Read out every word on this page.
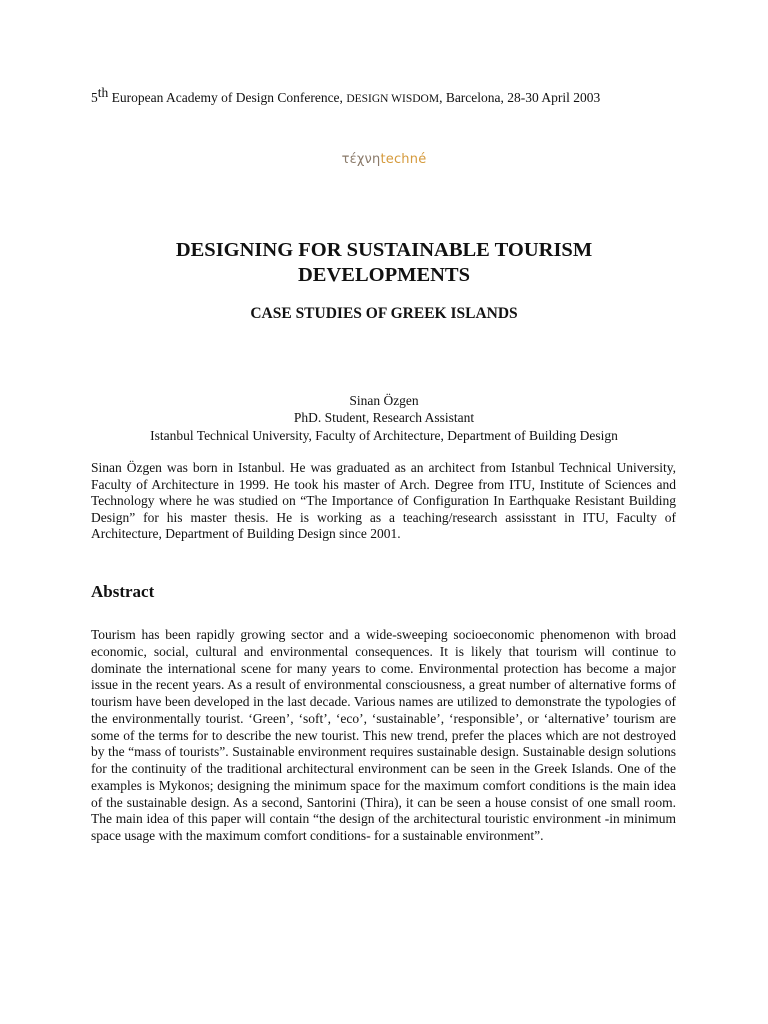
5th European Academy of Design Conference, DESIGN WISDOM, Barcelona, 28-30 April 2003
τέχνηtechné
DESIGNING FOR SUSTAINABLE TOURISM
DEVELOPMENTS
CASE STUDIES OF GREEK ISLANDS
Sinan Özgen
PhD. Student, Research Assistant
Istanbul Technical University, Faculty of Architecture, Department of Building Design

Sinan Özgen was born in Istanbul. He was graduated as an architect from Istanbul Technical University, Faculty of Architecture in 1999. He took his master of Arch. Degree from ITU, Institute of Sciences and Technology where he was studied on “The Importance of Configuration In Earthquake Resistant Building Design” for his master thesis. He is working as a teaching/research assisstant in ITU, Faculty of Architecture, Department of Building Design since 2001.

Abstract

Tourism has been rapidly growing sector and a wide-sweeping socioeconomic phenomenon with broad economic, social, cultural and environmental consequences. It is likely that tourism will continue to dominate the international scene for many years to come. Environmental protection has become a major issue in the recent years. As a result of environmental consciousness, a great number of alternative forms of tourism have been developed in the last decade. Various names are utilized to demonstrate the typologies of the environmentally tourist. ‘Green’, ‘soft’, ‘eco’, ‘sustainable’, ‘responsible’, or ‘alternative’ tourism are some of the terms for to describe the new tourist. This new trend, prefer the places which are not destroyed by the “mass of tourists”. Sustainable environment requires sustainable design. Sustainable design solutions for the continuity of the traditional architectural environment can be seen in the Greek Islands. One of the examples is Mykonos; designing the minimum space for the maximum comfort conditions is the main idea of the sustainable design. As a second, Santorini (Thira), it can be seen a house consist of one small room. The main idea of this paper will contain “the design of the architectural touristic environment -in minimum space usage with the maximum comfort conditions- for a sustainable environment”.
